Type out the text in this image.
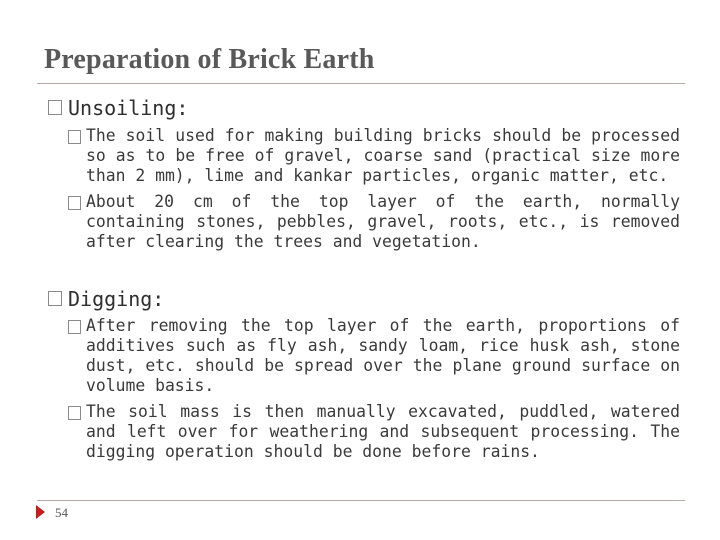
Preparation of Brick Earth
Unsoiling:
The soil used for making building bricks should be processed so as to be free of gravel, coarse sand (practical size more than 2 mm), lime and kankar particles, organic matter, etc.
About 20 cm of the top layer of the earth, normally containing stones, pebbles, gravel, roots, etc., is removed after clearing the trees and vegetation.
Digging:
After removing the top layer of the earth, proportions of additives such as fly ash, sandy loam, rice husk ash, stone dust, etc. should be spread over the plane ground surface on volume basis.
The soil mass is then manually excavated, puddled, watered and left over for weathering and subsequent processing. The digging operation should be done before rains.
54
